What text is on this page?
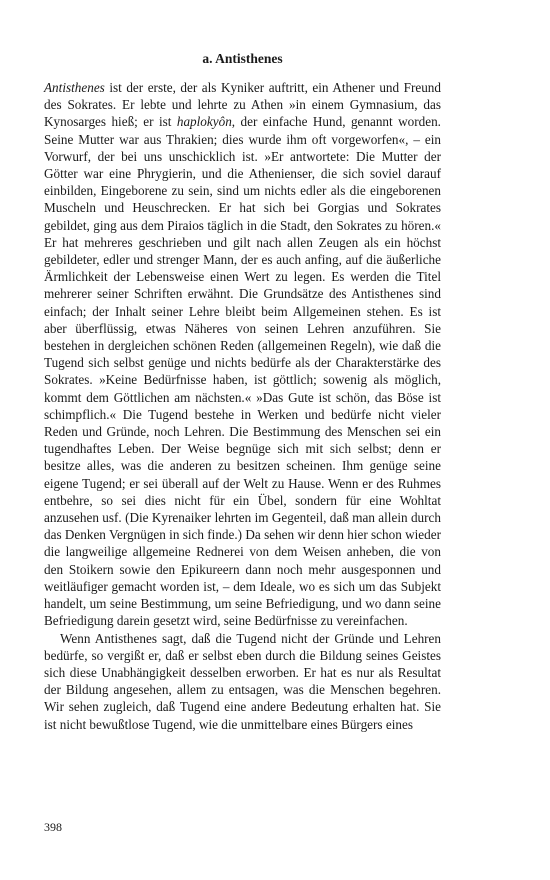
a. Antisthenes

Antisthenes ist der erste, der als Kyniker auftritt, ein Athener und Freund des Sokrates. Er lebte und lehrte zu Athen »in einem Gymnasium, das Kynosarges hieß; er ist haplokyôn, der einfache Hund, genannt worden. Seine Mutter war aus Thrakien; dies wurde ihm oft vorgeworfen«, – ein Vorwurf, der bei uns unschicklich ist. »Er antwortete: Die Mutter der Götter war eine Phrygierin, und die Athenienser, die sich soviel darauf einbilden, Eingeborene zu sein, sind um nichts edler als die eingeborenen Muscheln und Heuschrecken. Er hat sich bei Gorgias und Sokrates gebildet, ging aus dem Piraios täglich in die Stadt, den Sokrates zu hören.« Er hat mehreres geschrieben und gilt nach allen Zeugen als ein höchst gebildeter, edler und strenger Mann, der es auch anfing, auf die äußerliche Ärmlichkeit der Lebensweise einen Wert zu legen. Es werden die Titel mehrerer seiner Schriften erwähnt. Die Grundsätze des Antisthenes sind einfach; der Inhalt seiner Lehre bleibt beim Allgemeinen stehen. Es ist aber überflüssig, etwas Näheres von seinen Lehren anzuführen. Sie bestehen in dergleichen schönen Reden (allgemeinen Regeln), wie daß die Tugend sich selbst genüge und nichts bedürfe als der Charakterstärke des Sokrates. »Keine Bedürfnisse haben, ist göttlich; sowenig als möglich, kommt dem Göttlichen am nächsten.« »Das Gute ist schön, das Böse ist schimpflich.« Die Tugend bestehe in Werken und bedürfe nicht vieler Reden und Gründe, noch Lehren. Die Bestimmung des Menschen sei ein tugendhaftes Leben. Der Weise begnüge sich mit sich selbst; denn er besitze alles, was die anderen zu besitzen scheinen. Ihm genüge seine eigene Tugend; er sei überall auf der Welt zu Hause. Wenn er des Ruhmes entbehre, so sei dies nicht für ein Übel, sondern für eine Wohltat anzusehen usf. (Die Kyrenaiker lehrten im Gegenteil, daß man allein durch das Denken Vergnügen in sich finde.) Da sehen wir denn hier schon wieder die langweilige allgemeine Rednerei von dem Weisen anheben, die von den Stoikern sowie den Epikureern dann noch mehr ausgesponnen und weitläufiger gemacht worden ist, – dem Ideale, wo es sich um das Subjekt handelt, um seine Bestimmung, um seine Befriedigung, und wo dann seine Befriedigung darein gesetzt wird, seine Bedürfnisse zu vereinfachen.

Wenn Antisthenes sagt, daß die Tugend nicht der Gründe und Lehren bedürfe, so vergißt er, daß er selbst eben durch die Bildung seines Geistes sich diese Unabhängigkeit desselben erworben. Er hat es nur als Resultat der Bildung angesehen, allem zu entsagen, was die Menschen begehren. Wir sehen zugleich, daß Tugend eine andere Bedeutung erhalten hat. Sie ist nicht bewußtlose Tugend, wie die unmittelbare eines Bürgers eines

398
